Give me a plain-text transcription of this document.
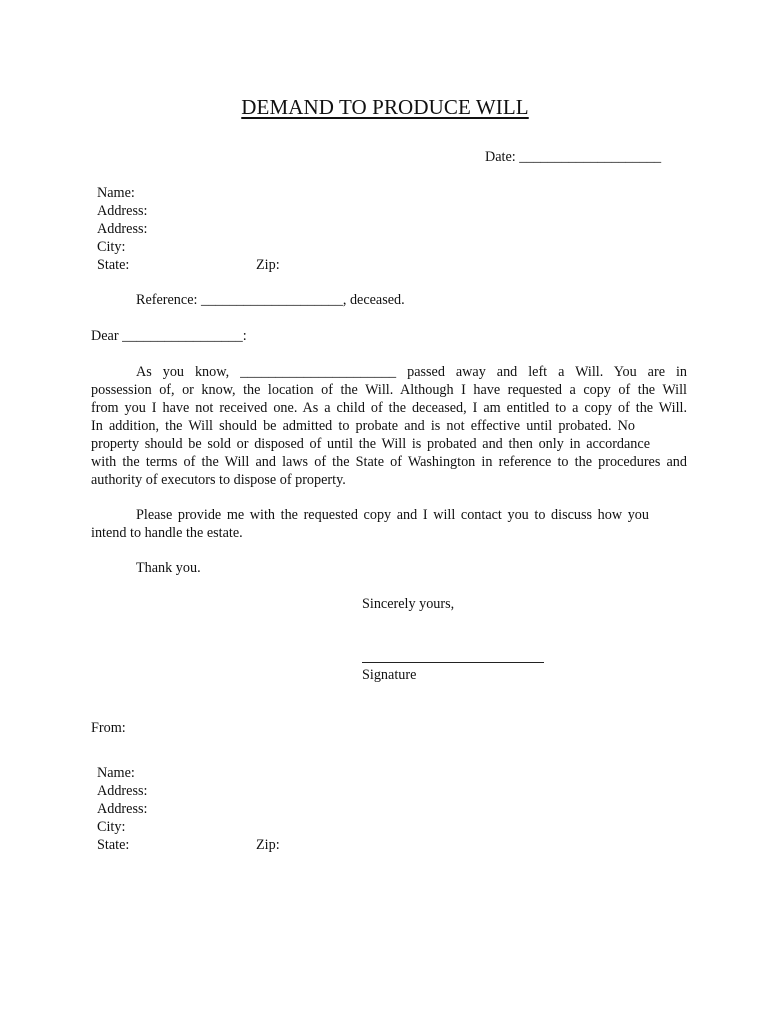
DEMAND TO PRODUCE WILL
Date: ____________________
Name:
Address:
Address:
City:
State:	Zip:
Reference: ____________________, deceased.
Dear _________________:
As you know, ______________________ passed away and left a Will. You are in
possession of, or know, the location of the Will. Although I have requested a copy of the Will
from you I have not received one. As a child of the deceased, I am entitled to a copy of the Will.
In addition, the Will should be admitted to probate and is not effective until probated. No
property should be sold or disposed of until the Will is probated and then only in accordance
with the terms of the Will and laws of the State of Washington in reference to the procedures and
authority of executors to dispose of property.
Please provide me with the requested copy and I will contact you to discuss how you
intend to handle the estate.
Thank you.
Sincerely yours,
Signature
From:
Name:
Address:
Address:
City:
State:	Zip:
